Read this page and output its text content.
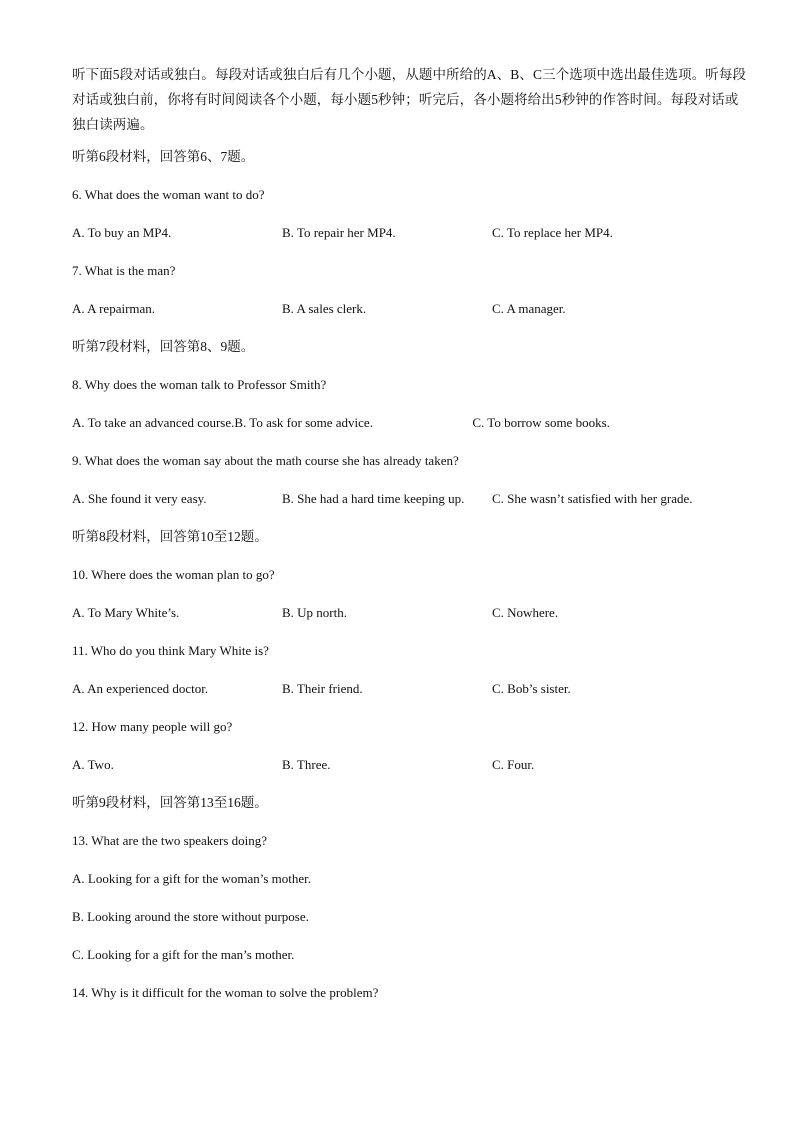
听下面5段对话或独白。每段对话或独白后有几个小题，从题中所给的A、B、C三个选项中选出最佳选项。听每段对话或独白前，你将有时间阅读各个小题，每小题5秒钟；听完后，各小题将给出5秒钟的作答时间。每段对话或独白读两遍。

听第6段材料，回答第6、7题。

6. What does the woman want to do?

A. To buy an MP4.	B. To repair her MP4.	C. To replace her MP4.

7. What is the man?

A. A repairman.	B. A sales clerk.	C. A manager.

听第7段材料，回答第8、9题。

8. Why does the woman talk to Professor Smith?

A. To take an advanced course. B. To ask for some advice.	C. To borrow some books.

9. What does the woman say about the math course she has already taken?

A. She found it very easy.	B. She had a hard time keeping up.	C. She wasn’t satisfied with her grade.

听第8段材料，回答第10至12题。

10. Where does the woman plan to go?

A. To Mary White’s.	B. Up north.	C. Nowhere.

11. Who do you think Mary White is?

A. An experienced doctor.	B. Their friend.	C. Bob’s sister.

12. How many people will go?

A. Two.	B. Three.	C. Four.

听第9段材料，回答第13至16题。

13. What are the two speakers doing?

A. Looking for a gift for the woman’s mother.

B. Looking around the store without purpose.

C. Looking for a gift for the man’s mother.

14. Why is it difficult for the woman to solve the problem?
